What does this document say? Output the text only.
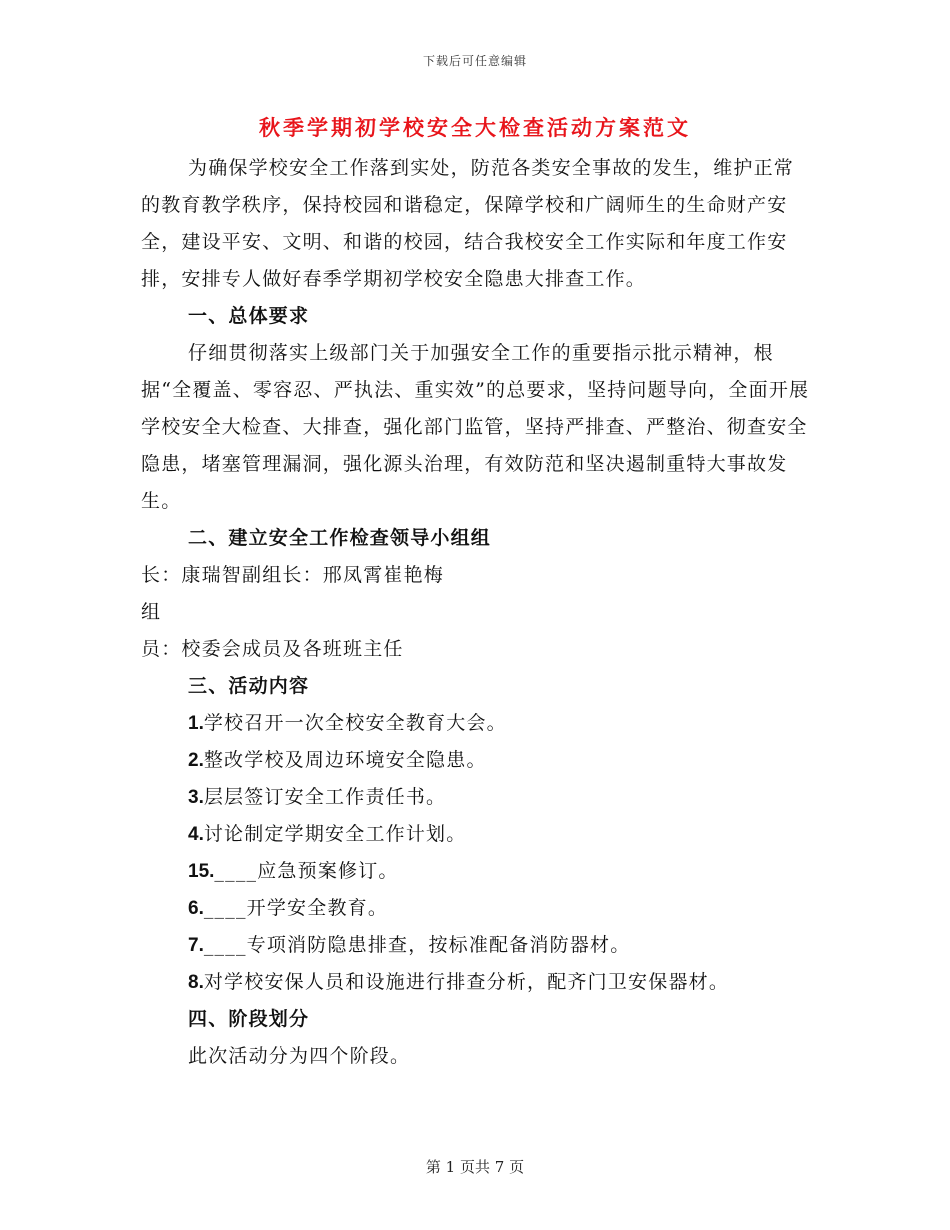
下载后可任意编辑
秋季学期初学校安全大检查活动方案范文

为确保学校安全工作落到实处，防范各类安全事故的发生，维护正常的教育教学秩序，保持校园和谐稳定，保障学校和广阔师生的生命财产安全，建设平安、文明、和谐的校园，结合我校安全工作实际和年度工作安排，安排专人做好春季学期初学校安全隐患大排查工作。

一、总体要求

仔细贯彻落实上级部门关于加强安全工作的重要指示批示精神，根据“全覆盖、零容忍、严执法、重实效”的总要求，坚持问题导向，全面开展学校安全大检查、大排查，强化部门监管，坚持严排查、严整治、彻查安全隐患，堵塞管理漏洞，强化源头治理，有效防范和坚决遏制重特大事故发生。

二、建立安全工作检查领导小组组

长：康瑞智副组长：邢凤霄崔艳梅

组

员：校委会成员及各班班主任

三、活动内容

1.学校召开一次全校安全教育大会。

2.整改学校及周边环境安全隐患。

3.层层签订安全工作责任书。

4.讨论制定学期安全工作计划。

15.____应急预案修订。

6.____开学安全教育。

7.____专项消防隐患排查，按标准配备消防器材。

8.对学校安保人员和设施进行排查分析，配齐门卫安保器材。

四、阶段划分

此次活动分为四个阶段。

第 1 页共 7 页
